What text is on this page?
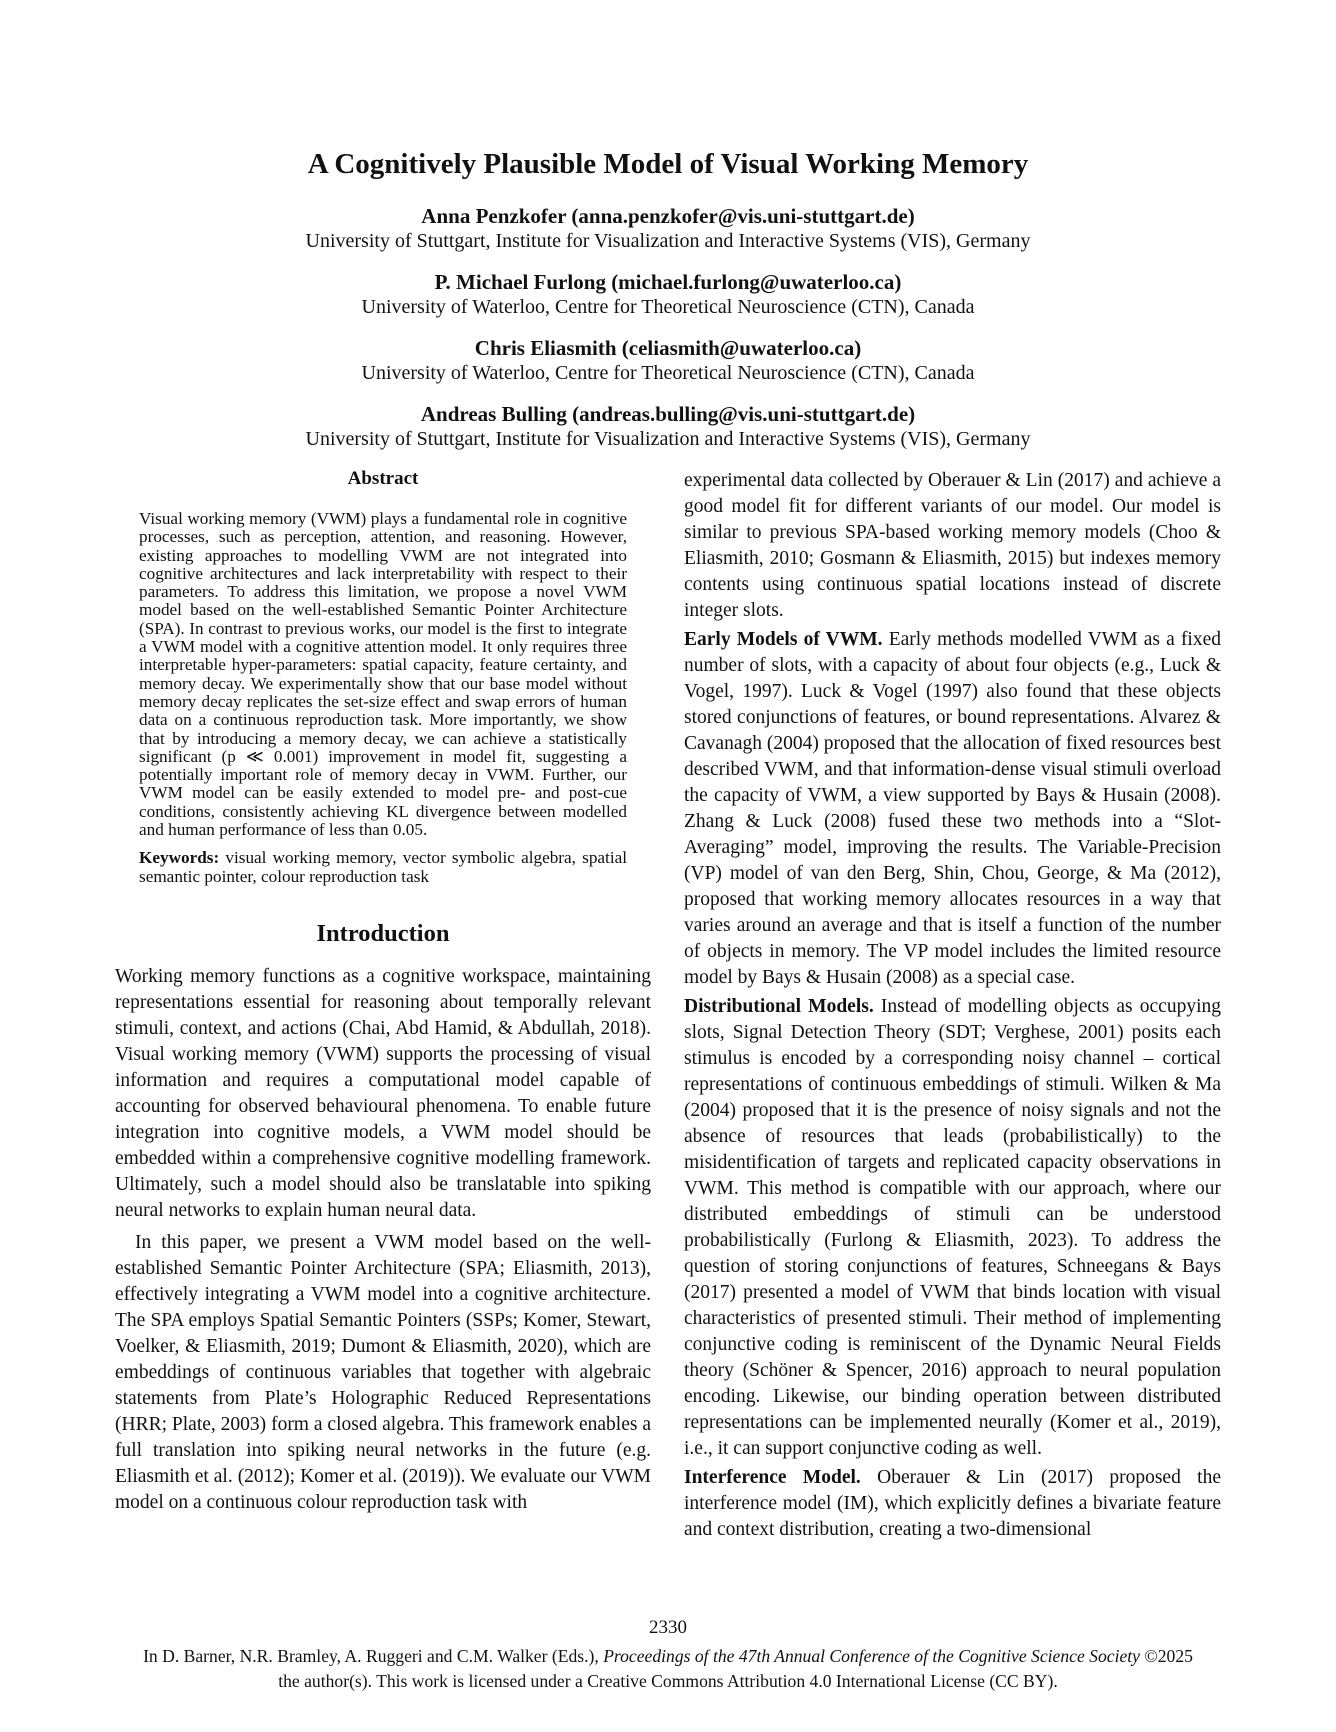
A Cognitively Plausible Model of Visual Working Memory
Anna Penzkofer (anna.penzkofer@vis.uni-stuttgart.de)
University of Stuttgart, Institute for Visualization and Interactive Systems (VIS), Germany
P. Michael Furlong (michael.furlong@uwaterloo.ca)
University of Waterloo, Centre for Theoretical Neuroscience (CTN), Canada
Chris Eliasmith (celiasmith@uwaterloo.ca)
University of Waterloo, Centre for Theoretical Neuroscience (CTN), Canada
Andreas Bulling (andreas.bulling@vis.uni-stuttgart.de)
University of Stuttgart, Institute for Visualization and Interactive Systems (VIS), Germany
Abstract

Visual working memory (VWM) plays a fundamental role in cognitive processes, such as perception, attention, and reasoning. However, existing approaches to modelling VWM are not integrated into cognitive architectures and lack interpretability with respect to their parameters. To address this limitation, we propose a novel VWM model based on the well-established Semantic Pointer Architecture (SPA). In contrast to previous works, our model is the first to integrate a VWM model with a cognitive attention model. It only requires three interpretable hyper-parameters: spatial capacity, feature certainty, and memory decay. We experimentally show that our base model without memory decay replicates the set-size effect and swap errors of human data on a continuous reproduction task. More importantly, we show that by introducing a memory decay, we can achieve a statistically significant (p ≪ 0.001) improvement in model fit, suggesting a potentially important role of memory decay in VWM. Further, our VWM model can be easily extended to model pre- and post-cue conditions, consistently achieving KL divergence between modelled and human performance of less than 0.05.

Keywords: visual working memory, vector symbolic algebra, spatial semantic pointer, colour reproduction task

Introduction

Working memory functions as a cognitive workspace, maintaining representations essential for reasoning about temporally relevant stimuli, context, and actions (Chai, Abd Hamid, & Abdullah, 2018). Visual working memory (VWM) supports the processing of visual information and requires a computational model capable of accounting for observed behavioural phenomena. To enable future integration into cognitive models, a VWM model should be embedded within a comprehensive cognitive modelling framework. Ultimately, such a model should also be translatable into spiking neural networks to explain human neural data.

In this paper, we present a VWM model based on the well-established Semantic Pointer Architecture (SPA; Eliasmith, 2013), effectively integrating a VWM model into a cognitive architecture. The SPA employs Spatial Semantic Pointers (SSPs; Komer, Stewart, Voelker, & Eliasmith, 2019; Dumont & Eliasmith, 2020), which are embeddings of continuous variables that together with algebraic statements from Plate’s Holographic Reduced Representations (HRR; Plate, 2003) form a closed algebra. This framework enables a full translation into spiking neural networks in the future (e.g. Eliasmith et al. (2012); Komer et al. (2019)). We evaluate our VWM model on a continuous colour reproduction task with

experimental data collected by Oberauer & Lin (2017) and achieve a good model fit for different variants of our model. Our model is similar to previous SPA-based working memory models (Choo & Eliasmith, 2010; Gosmann & Eliasmith, 2015) but indexes memory contents using continuous spatial locations instead of discrete integer slots.

Early Models of VWM. Early methods modelled VWM as a fixed number of slots, with a capacity of about four objects (e.g., Luck & Vogel, 1997). Luck & Vogel (1997) also found that these objects stored conjunctions of features, or bound representations. Alvarez & Cavanagh (2004) proposed that the allocation of fixed resources best described VWM, and that information-dense visual stimuli overload the capacity of VWM, a view supported by Bays & Husain (2008). Zhang & Luck (2008) fused these two methods into a “Slot-Averaging” model, improving the results. The Variable-Precision (VP) model of van den Berg, Shin, Chou, George, & Ma (2012), proposed that working memory allocates resources in a way that varies around an average and that is itself a function of the number of objects in memory. The VP model includes the limited resource model by Bays & Husain (2008) as a special case.

Distributional Models. Instead of modelling objects as occupying slots, Signal Detection Theory (SDT; Verghese, 2001) posits each stimulus is encoded by a corresponding noisy channel – cortical representations of continuous embeddings of stimuli. Wilken & Ma (2004) proposed that it is the presence of noisy signals and not the absence of resources that leads (probabilistically) to the misidentification of targets and replicated capacity observations in VWM. This method is compatible with our approach, where our distributed embeddings of stimuli can be understood probabilistically (Furlong & Eliasmith, 2023). To address the question of storing conjunctions of features, Schneegans & Bays (2017) presented a model of VWM that binds location with visual characteristics of presented stimuli. Their method of implementing conjunctive coding is reminiscent of the Dynamic Neural Fields theory (Schöner & Spencer, 2016) approach to neural population encoding. Likewise, our binding operation between distributed representations can be implemented neurally (Komer et al., 2019), i.e., it can support conjunctive coding as well.

Interference Model. Oberauer & Lin (2017) proposed the interference model (IM), which explicitly defines a bivariate feature and context distribution, creating a two-dimensional

2330
In D. Barner, N.R. Bramley, A. Ruggeri and C.M. Walker (Eds.), Proceedings of the 47th Annual Conference of the Cognitive Science Society ©2025 the author(s). This work is licensed under a Creative Commons Attribution 4.0 International License (CC BY).
